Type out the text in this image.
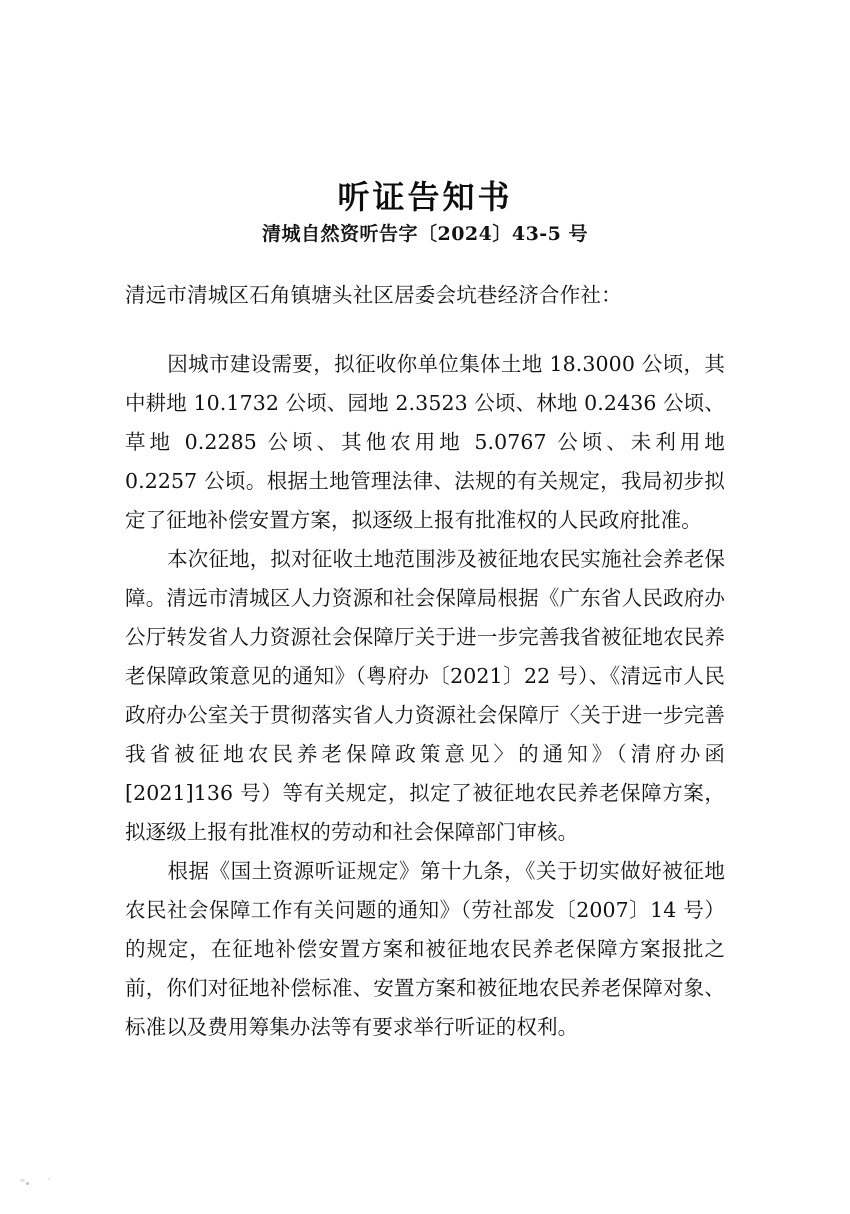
听证告知书
清城自然资听告字〔2024〕43-5 号
清远市清城区石角镇塘头社区居委会坑巷经济合作社：

因城市建设需要，拟征收你单位集体土地 18.3000 公顷，其中耕地 10.1732 公顷、园地 2.3523 公顷、林地 0.2436 公顷、草地 0.2285 公顷、其他农用地 5.0767 公顷、未利用地 0.2257 公顷。根据土地管理法律、法规的有关规定，我局初步拟定了征地补偿安置方案，拟逐级上报有批准权的人民政府批准。

本次征地，拟对征收土地范围涉及被征地农民实施社会养老保障。清远市清城区人力资源和社会保障局根据《广东省人民政府办公厅转发省人力资源社会保障厅关于进一步完善我省被征地农民养老保障政策意见的通知》（粤府办〔2021〕22 号）、《清远市人民政府办公室关于贯彻落实省人力资源社会保障厅〈关于进一步完善我省被征地农民养老保障政策意见〉的通知》（清府办函[2021]136 号）等有关规定，拟定了被征地农民养老保障方案，拟逐级上报有批准权的劳动和社会保障部门审核。

根据《国土资源听证规定》第十九条，《关于切实做好被征地农民社会保障工作有关问题的通知》（劳社部发〔2007〕14 号）的规定，在征地补偿安置方案和被征地农民养老保障方案报批之前，你们对征地补偿标准、安置方案和被征地农民养老保障对象、标准以及费用筹集办法等有要求举行听证的权利。
